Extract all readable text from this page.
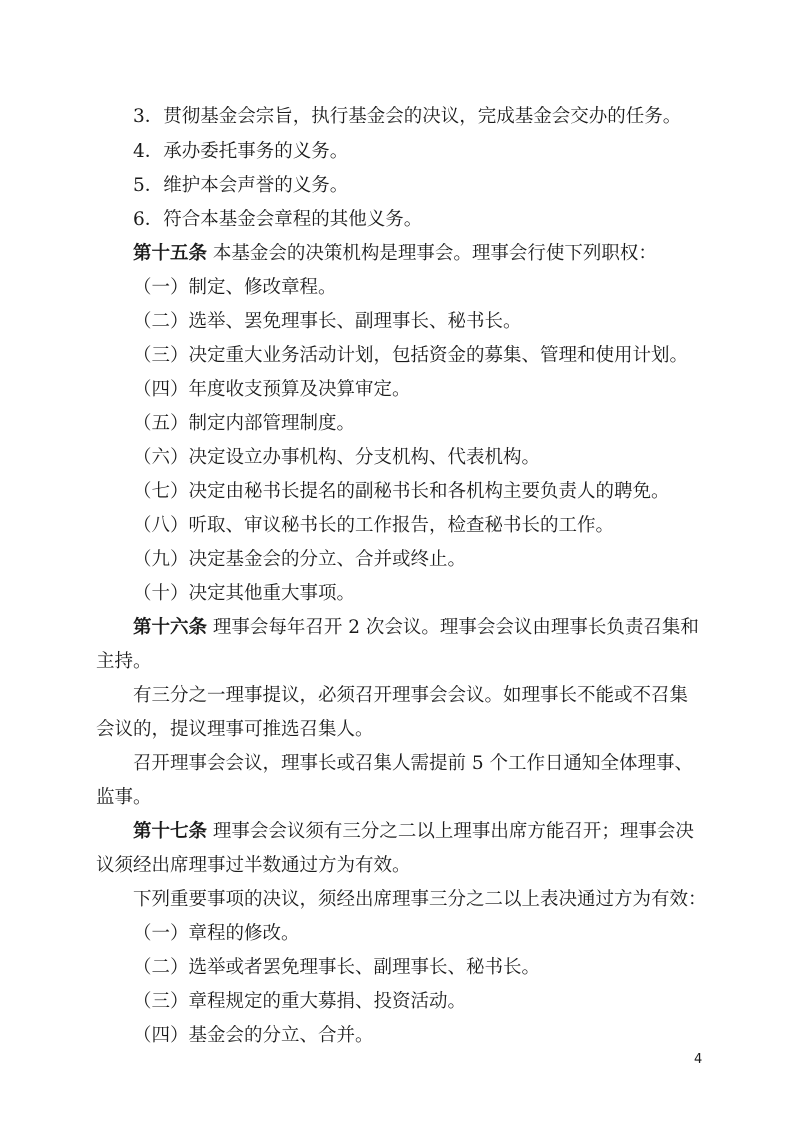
3．贯彻基金会宗旨，执行基金会的决议，完成基金会交办的任务。
4．承办委托事务的义务。
5．维护本会声誉的义务。
6．符合本基金会章程的其他义务。
第十五条 本基金会的决策机构是理事会。理事会行使下列职权：
（一）制定、修改章程。
（二）选举、罢免理事长、副理事长、秘书长。
（三）决定重大业务活动计划，包括资金的募集、管理和使用计划。
（四）年度收支预算及决算审定。
（五）制定内部管理制度。
（六）决定设立办事机构、分支机构、代表机构。
（七）决定由秘书长提名的副秘书长和各机构主要负责人的聘免。
（八）听取、审议秘书长的工作报告，检查秘书长的工作。
（九）决定基金会的分立、合并或终止。
（十）决定其他重大事项。
第十六条 理事会每年召开 2 次会议。理事会会议由理事长负责召集和
主持。
有三分之一理事提议，必须召开理事会会议。如理事长不能或不召集
会议的，提议理事可推选召集人。
召开理事会会议，理事长或召集人需提前 5 个工作日通知全体理事、
监事。
第十七条 理事会会议须有三分之二以上理事出席方能召开；理事会决
议须经出席理事过半数通过方为有效。
下列重要事项的决议，须经出席理事三分之二以上表决通过方为有效：
（一）章程的修改。
（二）选举或者罢免理事长、副理事长、秘书长。
（三）章程规定的重大募捐、投资活动。
（四）基金会的分立、合并。
4
